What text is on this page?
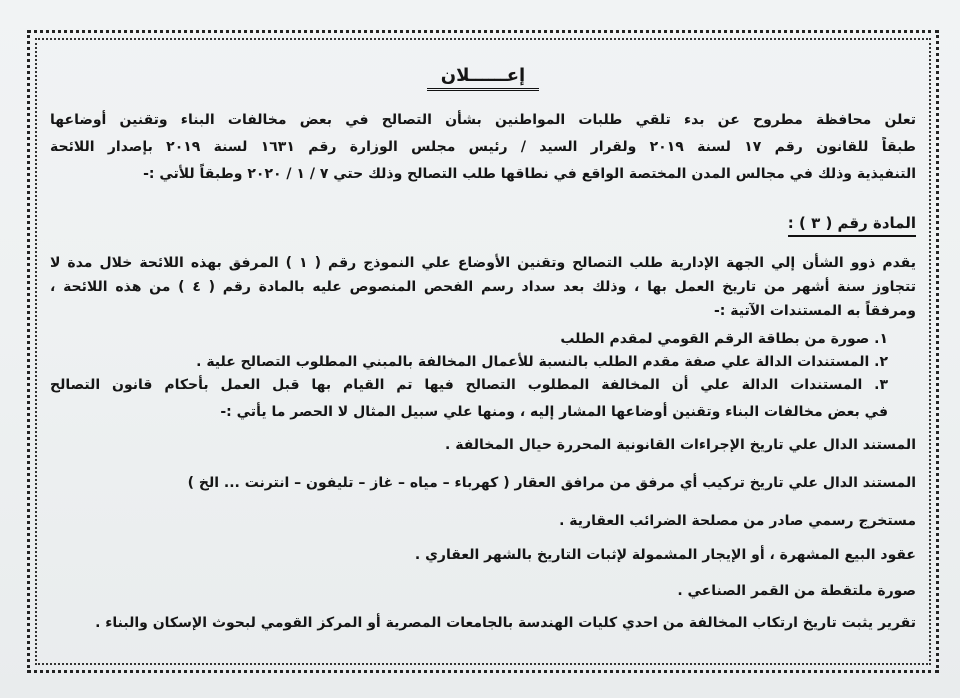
إعــــــلان
تعلن محافظة مطروح عن بدء تلقي طلبات المواطنين بشأن التصالح في بعض مخالفات البناء وتقنين أوضاعها
طبقاً للقانون رقم ١٧ لسنة ٢٠١٩ ولقرار السيد / رئيس مجلس الوزارة رقم ١٦٣١ لسنة ٢٠١٩ بإصدار اللائحة
التنفيذية وذلك في مجالس المدن المختصة الواقع في نطاقها طلب التصالح وذلك حتي ٧ / ١ / ٢٠٢٠ وطبقاً للأتي :-
المادة رقم ( ٣ ) :
يقدم ذوو الشأن إلي الجهة الإدارية طلب التصالح وتقنين الأوضاع علي النموذج رقم ( ١ ) المرفق بهذه اللائحة خلال مدة لا
تتجاوز سنة أشهر من تاريخ العمل بها ، وذلك بعد سداد رسم الفحص المنصوص عليه بالمادة رقم ( ٤ ) من هذه اللائحة ،
ومرفقاً به المستندات الآتية :-
١. صورة من بطاقة الرقم القومي لمقدم الطلب
٢. المستندات الدالة علي صفة مقدم الطلب بالنسبة للأعمال المخالفة بالمبني المطلوب التصالح علية .
٣. المستندات الدالة علي أن المخالفة المطلوب التصالح فيها تم القيام بها قبل العمل بأحكام قانون التصالح
في بعض مخالفات البناء وتقنين أوضاعها المشار إليه ، ومنها علي سبيل المثال لا الحصر ما يأتي :-
المستند الدال علي تاريخ الإجراءات القانونية المحررة حيال المخالفة .
المستند الدال علي تاريخ تركيب أي مرفق من مرافق العقار ( كهرباء – مياه – غاز – تليفون – انترنت ... الخ )
مستخرج رسمي صادر من مصلحة الضرائب العقارية .
عقود البيع المشهرة ، أو الإيجار المشمولة لإثبات التاريخ بالشهر العقاري .
صورة ملتقطة من القمر الصناعي .
تقرير يثبت تاريخ ارتكاب المخالفة من احدي كليات الهندسة بالجامعات المصرية أو المركز القومي لبحوث الإسكان والبناء .
